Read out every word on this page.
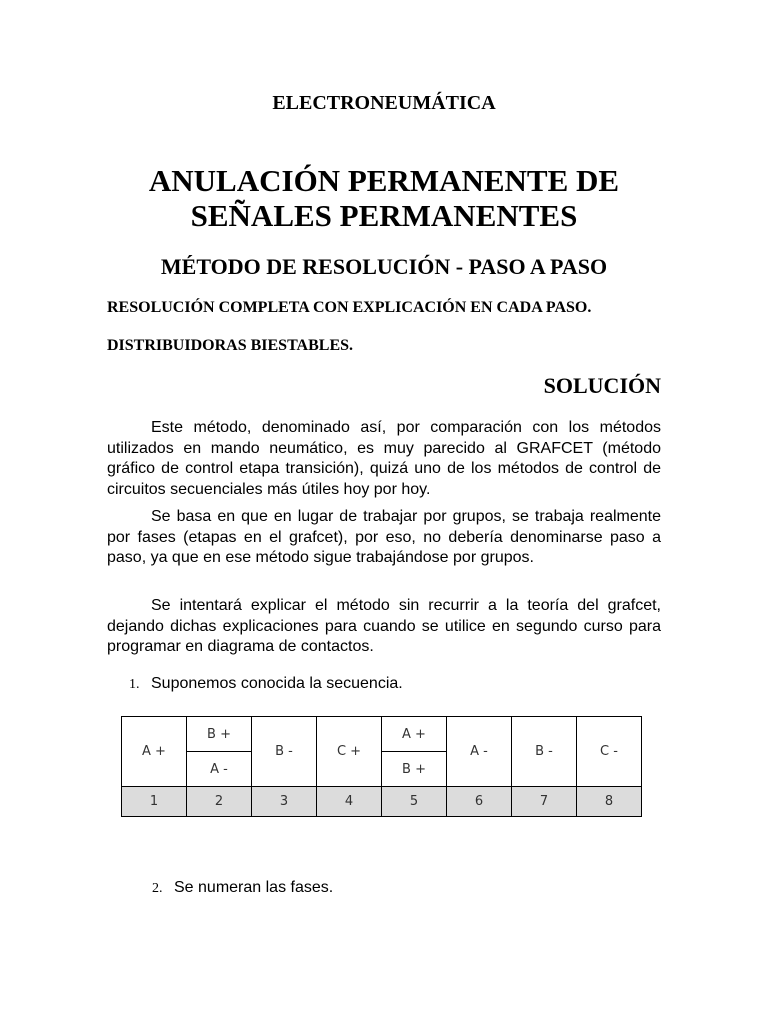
ELECTRONEUMÁTICA
ANULACIÓN PERMANENTE DE
SEÑALES PERMANENTES
MÉTODO DE RESOLUCIÓN - PASO A PASO
RESOLUCIÓN COMPLETA CON EXPLICACIÓN EN CADA PASO.
DISTRIBUIDORAS BIESTABLES.
SOLUCIÓN

Este método, denominado así, por comparación con los métodos utilizados en mando neumático, es muy parecido al GRAFCET (método gráfico de control etapa transición), quizá uno de los métodos de control de circuitos secuenciales más útiles hoy por hoy.

Se basa en que en lugar de trabajar por grupos, se trabaja realmente por fases (etapas en el grafcet), por eso, no debería denominarse paso a paso, ya que en ese método sigue trabajándose por grupos.

Se intentará explicar el método sin recurrir a la teoría del grafcet, dejando dichas explicaciones para cuando se utilice en segundo curso para programar en diagrama de contactos.

1. Suponemos conocida la secuencia.
A +	B +	B -	C +	A +	A -	B -	C -
	A -			B +			
1	2	3	4	5	6	7	8
2. Se numeran las fases.
